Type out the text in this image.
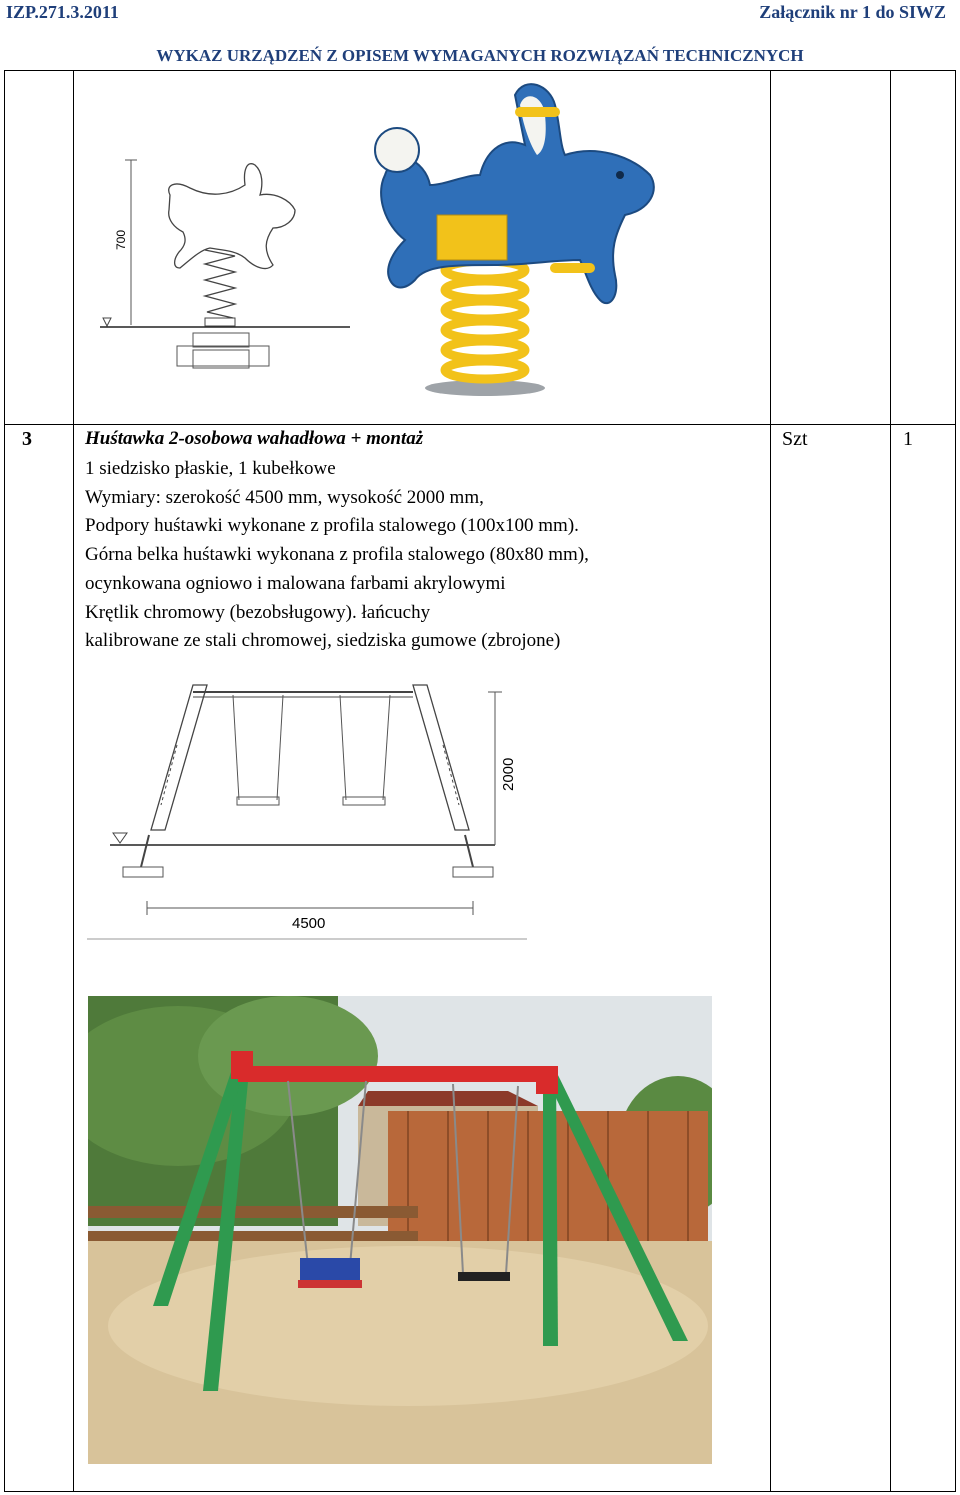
IZP.271.3.2011	Załącznik nr 1 do SIWZ
WYKAZ URZĄDZEŃ Z OPISEM WYMAGANYCH ROZWIĄZAŃ TECHNICZNYCH
700
3	Huśtawka 2-osobowa wahadłowa + montaż
1 siedzisko płaskie, 1 kubełkowe
Wymiary: szerokość 4500 mm, wysokość 2000 mm,
Podpory huśtawki wykonane z profila stalowego (100x100 mm).
Górna belka huśtawki wykonana z profila stalowego (80x80 mm),
ocynkowana ogniowo i malowana farbami akrylowymi
Krętlik chromowy (bezobsługowy). łańcuchy
kalibrowane ze stali chromowej, siedziska gumowe (zbrojone)
Szt	1
2000
4500
